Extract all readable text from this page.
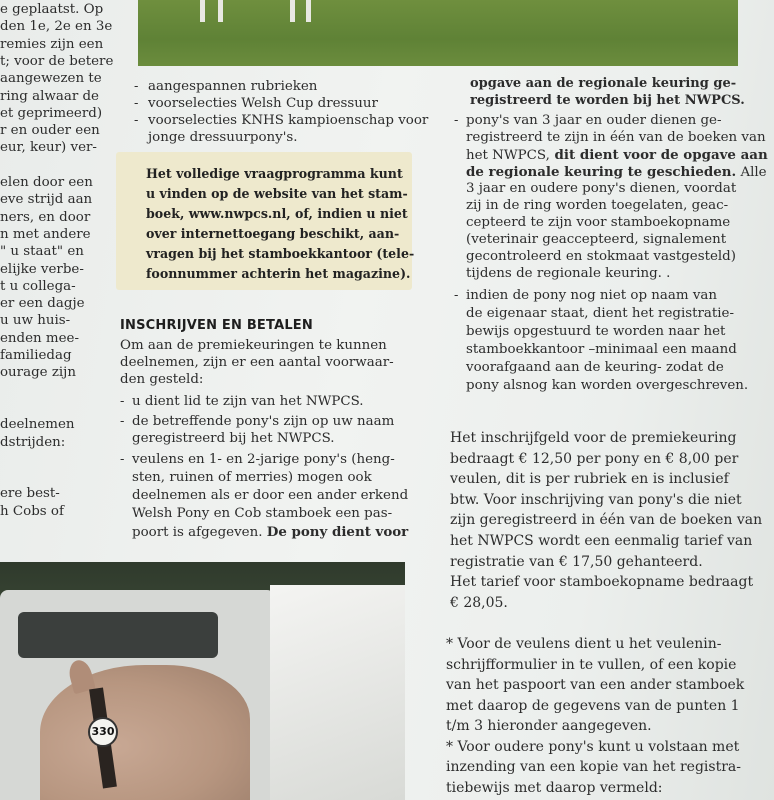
e geplaatst. Op
den 1e, 2e en 3e
remies zijn een
t; voor de betere
aangewezen te
ring alwaar de
et geprimeerd)
r en ouder een
eur, keur) ver-
elen door een
eve strijd aan
ners, en door
n met andere
" u staat" en
elijke verbe-
t u collega-
er een dagje
u uw huis-
enden mee-
familiedag
ourage zijn
deelnemen
dstrijden:
ere best-
h Cobs of
- aangespannen rubrieken
- voorselecties Welsh Cup dressuur
- voorselecties KNHS kampioenschap voor
jonge dressuurpony's.
Het volledige vraagprogramma kunt
u vinden op de website van het stam-
boek, www.nwpcs.nl, of, indien u niet
over internettoegang beschikt, aan-
vragen bij het stamboekkantoor (tele-
foonnummer achterin het magazine).
INSCHRIJVEN EN BETALEN
Om aan de premiekeuringen te kunnen
deelnemen, zijn er een aantal voorwaar-
den gesteld:
- u dient lid te zijn van het NWPCS.
- de betreffende pony's zijn op uw naam
geregistreerd bij het NWPCS.
- veulens en 1- en 2-jarige pony's (heng-
sten, ruinen of merries) mogen ook
deelnemen als er door een ander erkend
Welsh Pony en Cob stamboek een pas-
poort is afgegeven. De pony dient voor
330
opgave aan de regionale keuring ge-
registreerd te worden bij het NWPCS.
- pony's van 3 jaar en ouder dienen ge-
registreerd te zijn in één van de boeken van
het NWPCS, dit dient voor de opgave aan
de regionale keuring te geschieden. Alle
3 jaar en oudere pony's dienen, voordat
zij in de ring worden toegelaten, geac-
cepteerd te zijn voor stamboekopname
(veterinair geaccepteerd, signalement
gecontroleerd en stokmaat vastgesteld)
tijdens de regionale keuring. .
- indien de pony nog niet op naam van
de eigenaar staat, dient het registratie-
bewijs opgestuurd te worden naar het
stamboekkantoor –minimaal een maand
voorafgaand aan de keuring- zodat de
pony alsnog kan worden overgeschreven.
Het inschrijfgeld voor de premiekeuring
bedraagt € 12,50 per pony en € 8,00 per
veulen, dit is per rubriek en is inclusief
btw. Voor inschrijving van pony's die niet
zijn geregistreerd in één van de boeken van
het NWPCS wordt een eenmalig tarief van
registratie van € 17,50 gehanteerd.
Het tarief voor stamboekopname bedraagt
€ 28,05.
* Voor de veulens dient u het veulenin-
schrijfformulier in te vullen, of een kopie
van het paspoort van een ander stamboek
met daarop de gegevens van de punten 1
t/m 3 hieronder aangegeven.
* Voor oudere pony's kunt u volstaan met
inzending van een kopie van het registra-
tiebewijs met daarop vermeld:
